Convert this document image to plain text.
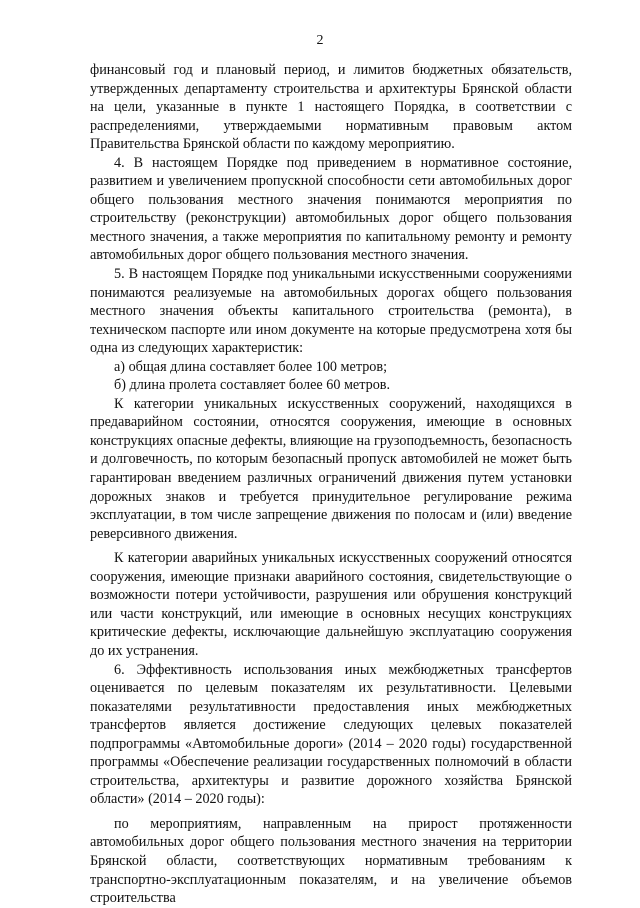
2

финансовый год и плановый период, и лимитов бюджетных обязательств, утвержденных департаменту строительства и архитектуры Брянской области на цели, указанные в пункте 1 настоящего Порядка, в соответствии с распределениями, утверждаемыми нормативным правовым актом Правительства Брянской области по каждому мероприятию.

4. В настоящем Порядке под приведением в нормативное состояние, развитием и увеличением пропускной способности сети автомобильных дорог общего пользования местного значения понимаются мероприятия по строительству (реконструкции) автомобильных дорог общего пользования местного значения, а также мероприятия по капитальному ремонту и ремонту автомобильных дорог общего пользования местного значения.

5. В настоящем Порядке под уникальными искусственными сооружениями понимаются реализуемые на автомобильных дорогах общего пользования местного значения объекты капитального строительства (ремонта), в техническом паспорте или ином документе на которые предусмотрена хотя бы одна из следующих характеристик:

а) общая длина составляет более 100 метров;

б) длина пролета составляет более 60 метров.

К категории уникальных искусственных сооружений, находящихся в предаварийном состоянии, относятся сооружения, имеющие в основных конструкциях опасные дефекты, влияющие на грузоподъемность, безопасность и долговечность, по которым безопасный пропуск автомобилей не может быть гарантирован введением различных ограничений движения путем установки дорожных знаков и требуется принудительное регулирование режима эксплуатации, в том числе запрещение движения по полосам и (или) введение реверсивного движения.

К категории аварийных уникальных искусственных сооружений относятся сооружения, имеющие признаки аварийного состояния, свидетельствующие о возможности потери устойчивости, разрушения или обрушения конструкций или части конструкций, или имеющие в основных несущих конструкциях критические дефекты, исключающие дальнейшую эксплуатацию сооружения до их устранения.

6. Эффективность использования иных межбюджетных трансфертов оценивается по целевым показателям их результативности. Целевыми показателями результативности предоставления иных межбюджетных трансфертов является достижение следующих целевых показателей подпрограммы «Автомобильные дороги» (2014 – 2020 годы) государственной программы «Обеспечение реализации государственных полномочий в области строительства, архитектуры и развитие дорожного хозяйства Брянской области» (2014 – 2020 годы):

по мероприятиям, направленным на прирост протяженности автомобильных дорог общего пользования местного значения на территории Брянской области, соответствующих нормативным требованиям к транспортно-эксплуатационным показателям, и на увеличение объемов строительства
